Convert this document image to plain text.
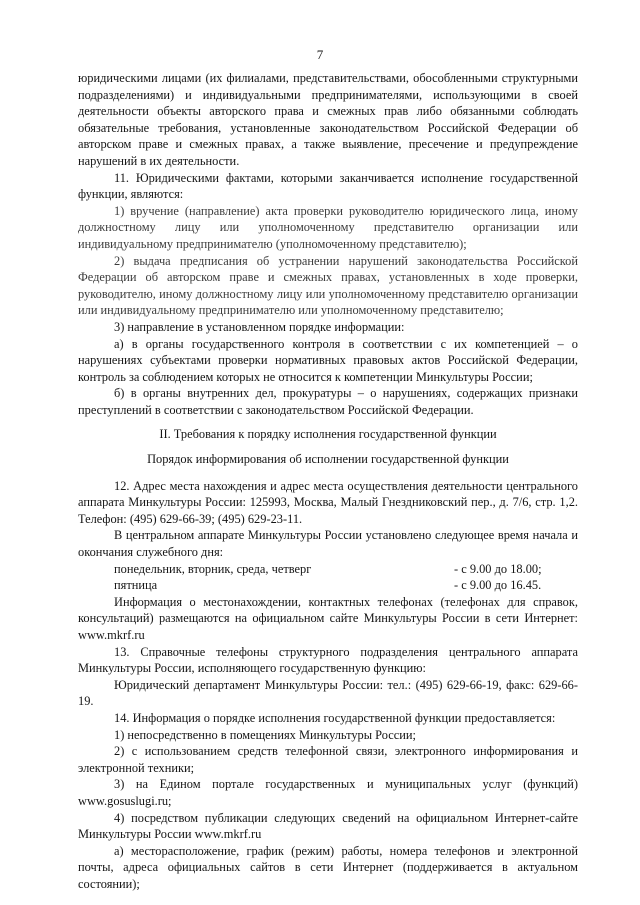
7

юридическими лицами (их филиалами, представительствами, обособленными структурными подразделениями) и индивидуальными предпринимателями, использующими в своей деятельности объекты авторского права и смежных прав либо обязанными соблюдать обязательные требования, установленные законодательством Российской Федерации об авторском праве и смежных правах, а также выявление, пресечение и предупреждение нарушений в их деятельности.

11. Юридическими фактами, которыми заканчивается исполнение государственной функции, являются:

1) вручение (направление) акта проверки руководителю юридического лица, иному должностному лицу или уполномоченному представителю организации или индивидуальному предпринимателю (уполномоченному представителю);

2) выдача предписания об устранении нарушений законодательства Российской Федерации об авторском праве и смежных правах, установленных в ходе проверки, руководителю, иному должностному лицу или уполномоченному представителю организации или индивидуальному предпринимателю или уполномоченному представителю;

3) направление в установленном порядке информации:

а) в органы государственного контроля в соответствии с их компетенцией – о нарушениях субъектами проверки нормативных правовых актов Российской Федерации, контроль за соблюдением которых не относится к компетенции Минкультуры России;

б) в органы внутренних дел, прокуратуры – о нарушениях, содержащих признаки преступлений в соответствии с законодательством Российской Федерации.

II. Требования к порядку исполнения государственной функции

Порядок информирования об исполнении государственной функции

12. Адрес места нахождения и адрес места осуществления деятельности центрального аппарата Минкультуры России: 125993, Москва, Малый Гнездниковский пер., д. 7/6, стр. 1,2. Телефон: (495) 629-66-39; (495) 629-23-11.

В центральном аппарате Минкультуры России установлено следующее время начала и окончания служебного дня:

понедельник, вторник, среда, четверг	- с 9.00 до 18.00;
пятница	- с 9.00 до 16.45.

Информация о местонахождении, контактных телефонах (телефонах для справок, консультаций) размещаются на официальном сайте Минкультуры России в сети Интернет: www.mkrf.ru

13. Справочные телефоны структурного подразделения центрального аппарата Минкультуры России, исполняющего государственную функцию:

Юридический департамент Минкультуры России: тел.: (495) 629-66-19, факс: 629-66-19.

14. Информация о порядке исполнения государственной функции предоставляется:

1) непосредственно в помещениях Минкультуры России;

2) с использованием средств телефонной связи, электронного информирования и электронной техники;

3) на Едином портале государственных и муниципальных услуг (функций) www.gosuslugi.ru;

4) посредством публикации следующих сведений на официальном Интернет-сайте Минкультуры России www.mkrf.ru

а) месторасположение, график (режим) работы, номера телефонов и электронной почты, адреса официальных сайтов в сети Интернет (поддерживается в актуальном состоянии);
